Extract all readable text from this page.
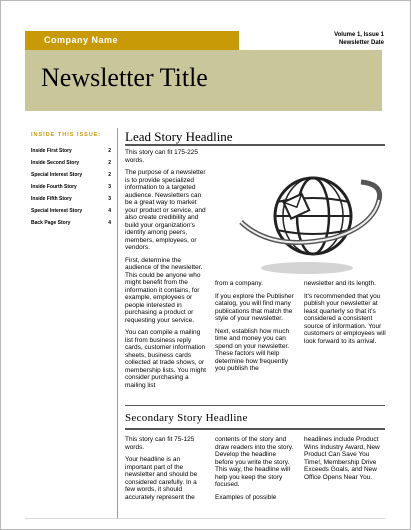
Company Name	Volume 1, Issue 1
Newsletter Date
Newsletter Title
INSIDE THIS ISSUE:
Inside First Story	2
Inside Second Story	2
Special Interest Story	2
Inside Fourth Story	3
Inside Fifth Story	3
Special Interest Story	4
Back Page Story	4
Lead Story Headline

This story can fit 175-225 words.

The purpose of a newsletter is to provide specialized information to a targeted audience. Newsletters can be a great way to market your product or service, and also create credibility and build your organization's identity among peers, members, employees, or vendors.

First, determine the audience of the newsletter. This could be anyone who might benefit from the information it contains, for example, employees or people interested in purchasing a product or requesting your service.

You can compile a mailing list from business reply cards, customer information sheets, business cards collected at trade shows, or membership lists. You might consider purchasing a mailing list

from a company.

If you explore the Publisher catalog, you will find many publications that match the style of your newsletter.

Next, establish how much time and money you can spend on your newsletter. These factors will help determine how frequently you publish the

newsletter and its length.

It's recommended that you publish your newsletter at least quarterly so that it's considered a consistent source of information. Your customers or employees will look forward to its arrival.

Secondary Story Headline

This story can fit 75-125 words.

Your headline is an important part of the newsletter and should be considered carefully. In a few words, it should accurately represent the

contents of the story and draw readers into the story. Develop the headline before you write the story. This way, the headline will help you keep the story focused.

Examples of possible

headlines include Product Wins Industry Award, New Product Can Save You Time!, Membership Drive Exceeds Goals, and New Office Opens Near You.
